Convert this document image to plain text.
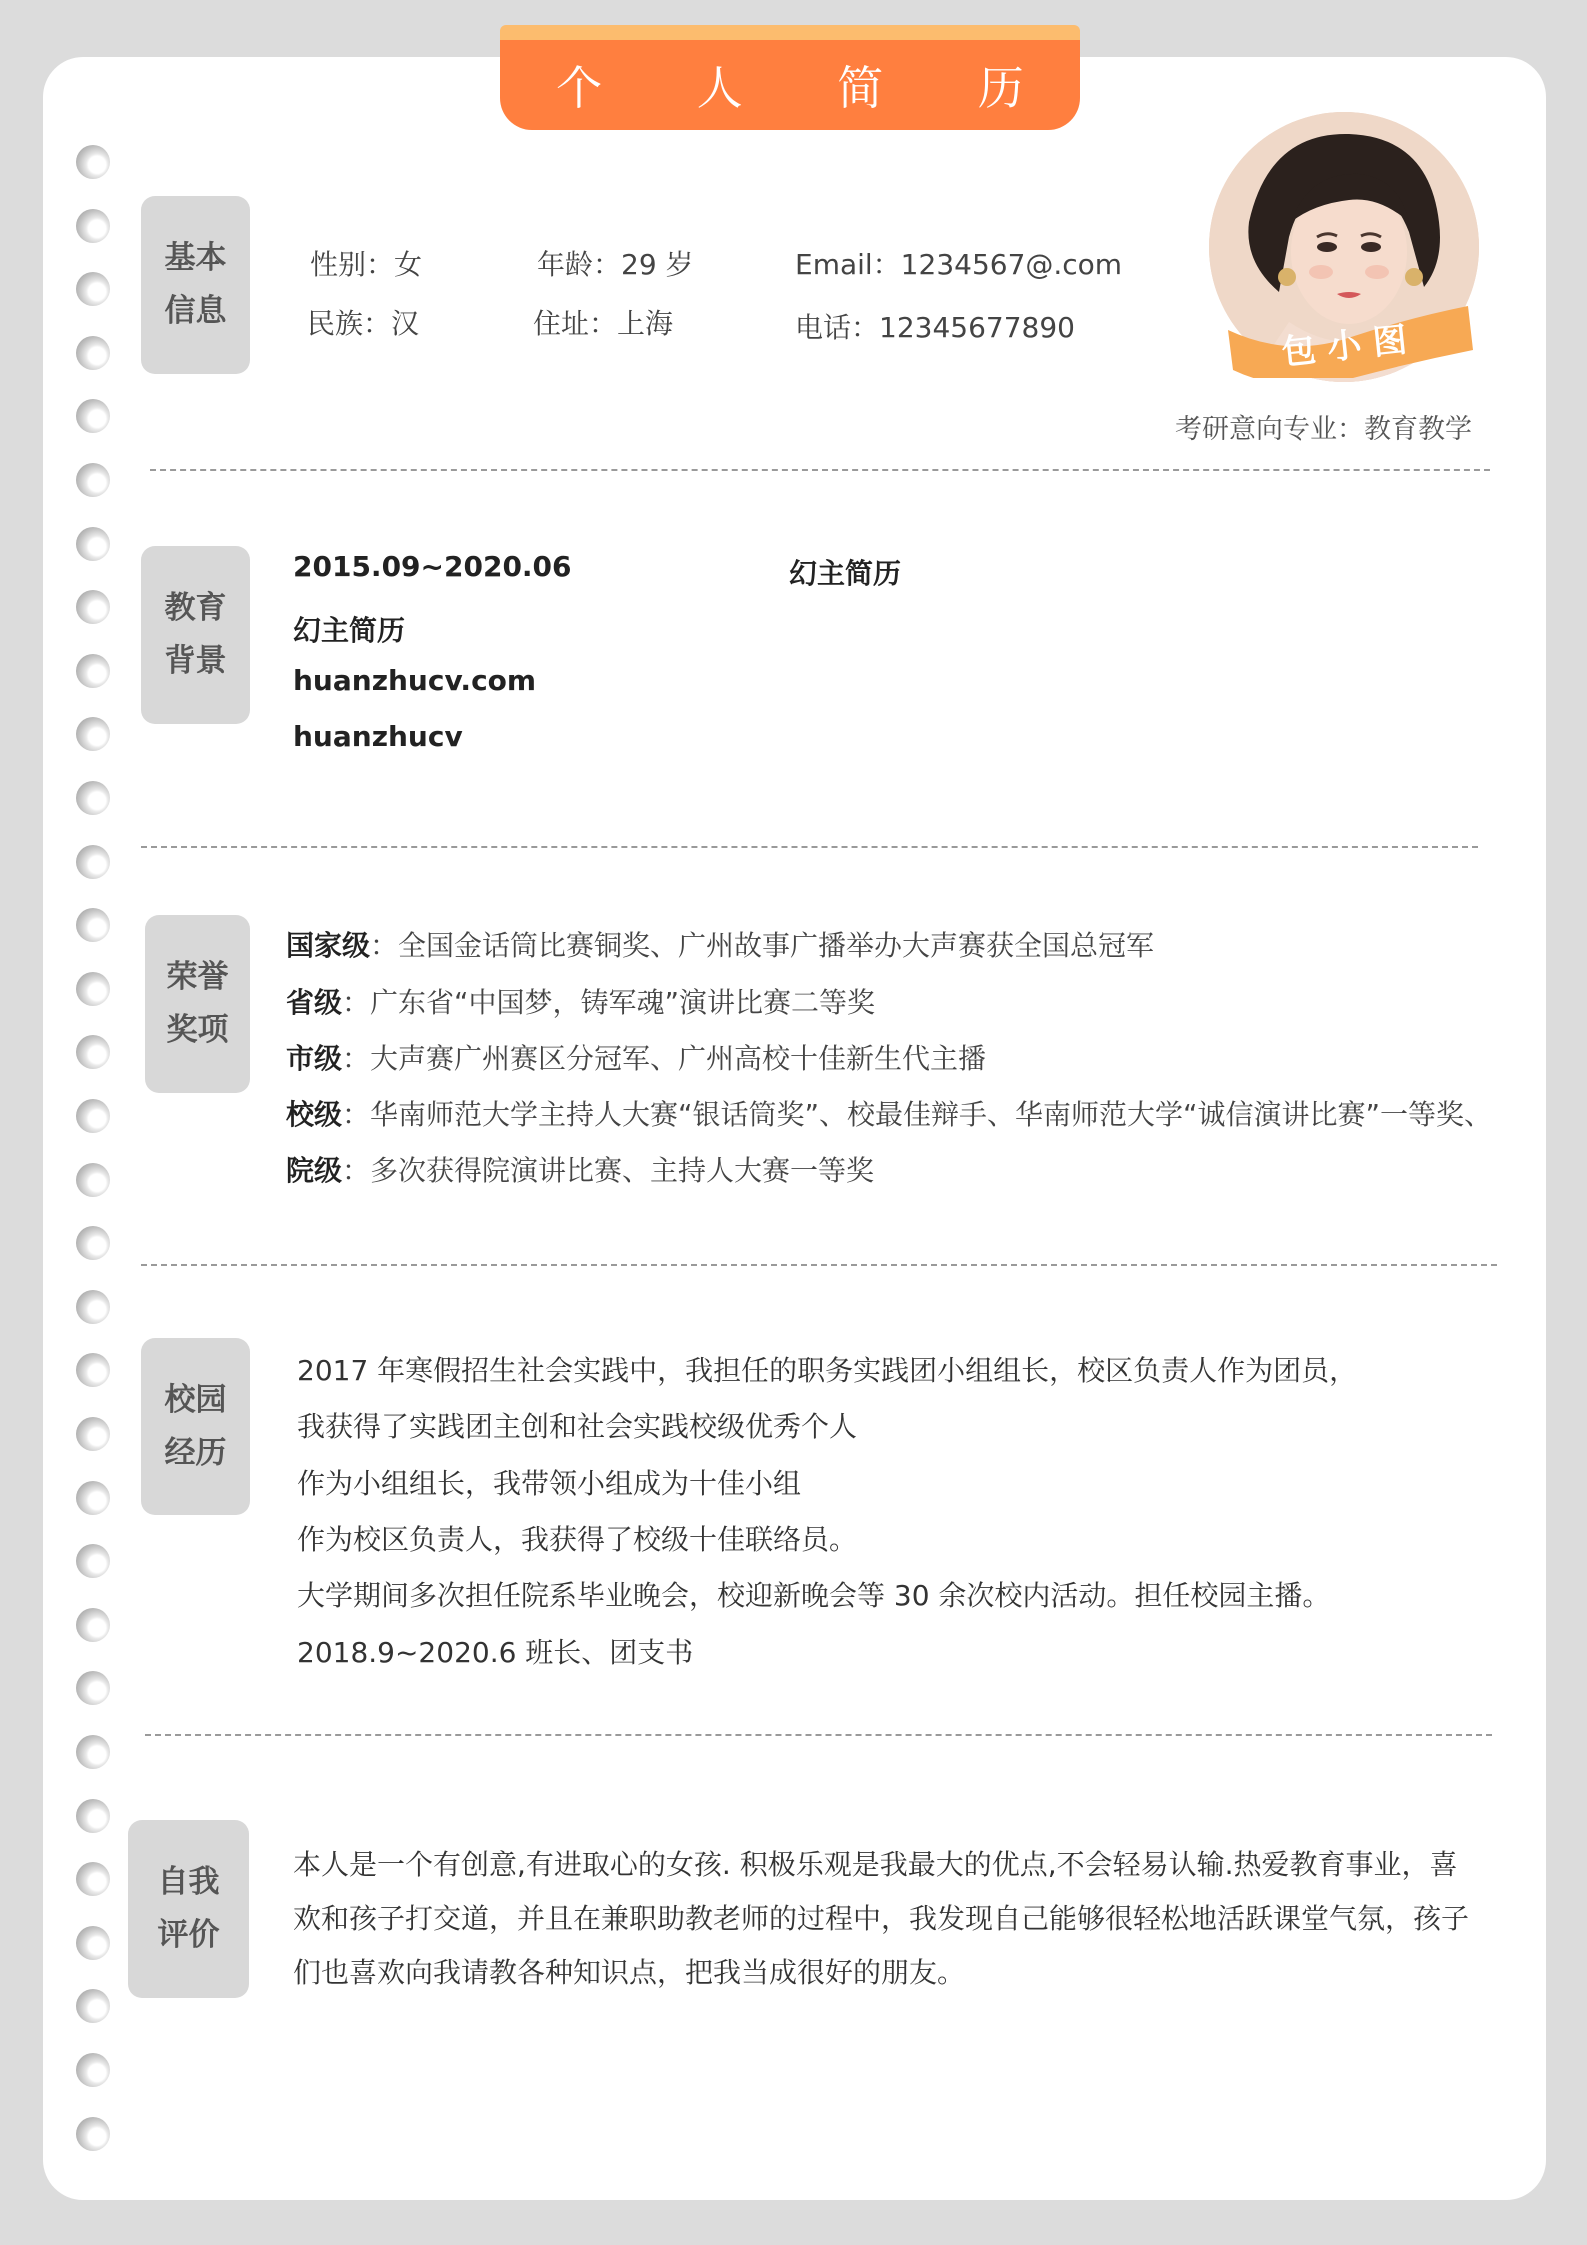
个 人 简 历
基本
信息
性别：女	年龄：29 岁	Email：1234567@.com
民族：汉	住址：上海	电话：12345677890	包 小 图
考研意向专业：教育教学
教育
背景
2015.09~2020.06	幻主简历
幻主简历
huanzhucv.com
huanzhucv
荣誉
奖项
国家级：全国金话筒比赛铜奖、广州故事广播举办大声赛获全国总冠军
省级：广东省“中国梦，铸军魂”演讲比赛二等奖
市级：大声赛广州赛区分冠军、广州高校十佳新生代主播
校级：华南师范大学主持人大赛“银话筒奖”、校最佳辩手、华南师范大学“诚信演讲比赛”一等奖、
院级：多次获得院演讲比赛、主持人大赛一等奖
校园
经历
2017 年寒假招生社会实践中，我担任的职务实践团小组组长，校区负责人作为团员，
我获得了实践团主创和社会实践校级优秀个人
作为小组组长，我带领小组成为十佳小组
作为校区负责人，我获得了校级十佳联络员。
大学期间多次担任院系毕业晚会，校迎新晚会等 30 余次校内活动。担任校园主播。
2018.9~2020.6 班长、团支书
自我
评价
本人是一个有创意,有进取心的女孩. 积极乐观是我最大的优点,不会轻易认输.热爱教育事业，喜
欢和孩子打交道，并且在兼职助教老师的过程中，我发现自己能够很轻松地活跃课堂气氛，孩子
们也喜欢向我请教各种知识点，把我当成很好的朋友。
